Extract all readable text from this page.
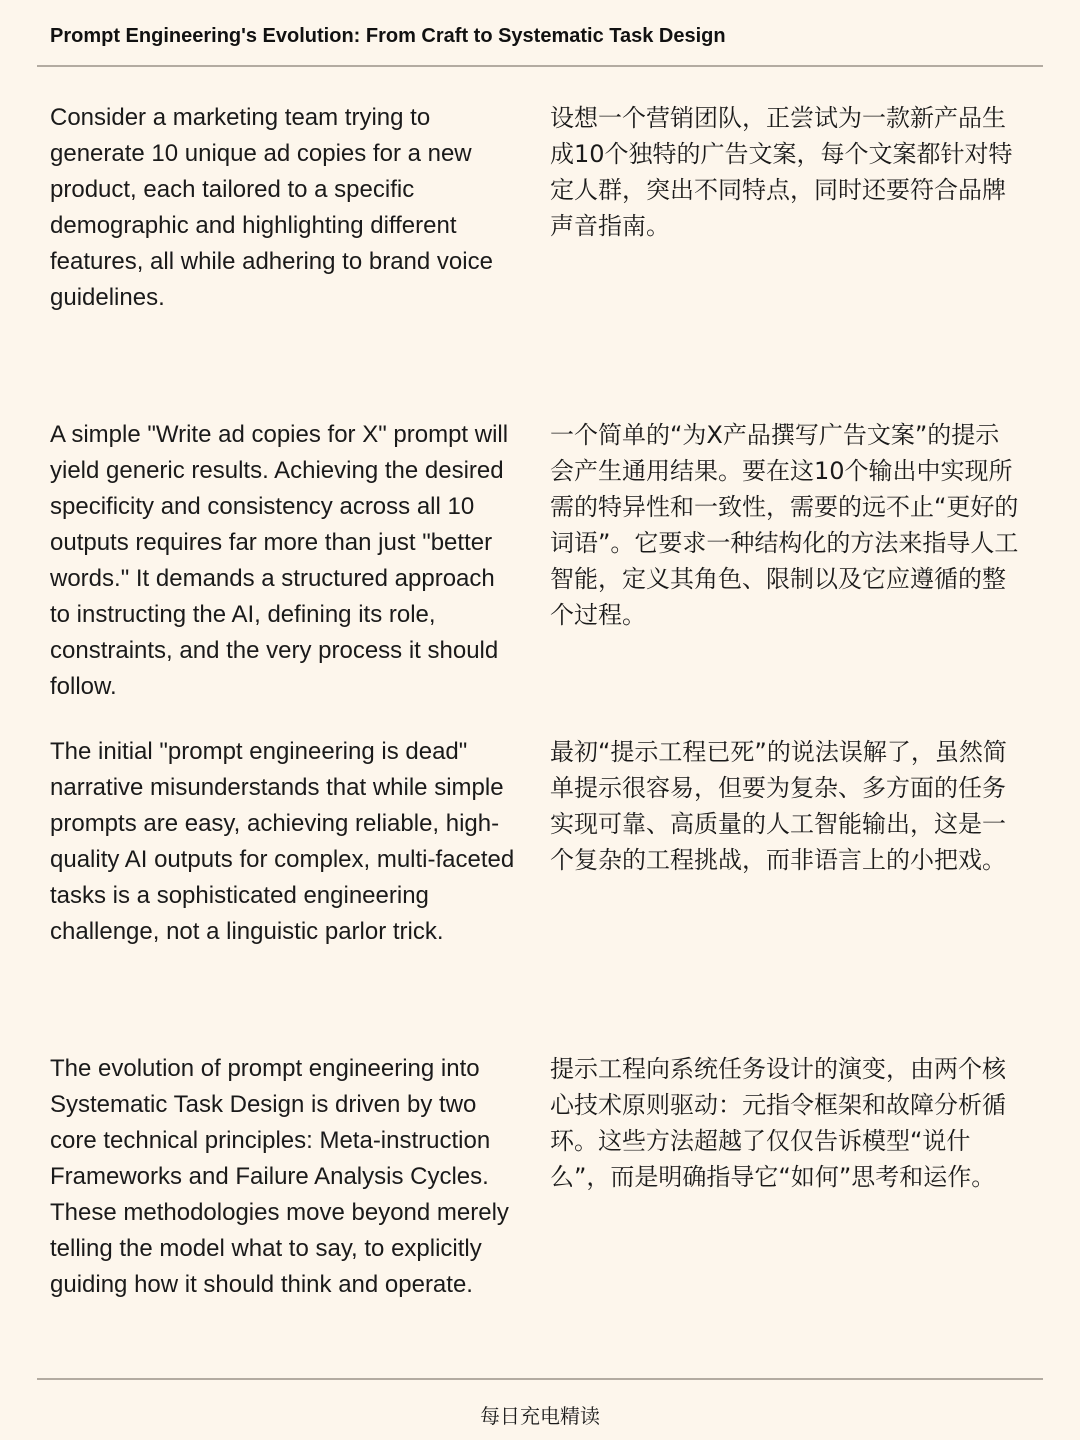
Prompt Engineering's Evolution: From Craft to Systematic Task Design

Consider a marketing team trying to generate 10 unique ad copies for a new product, each tailored to a specific demographic and highlighting different features, all while adhering to brand voice guidelines.

设想一个营销团队，正尝试为一款新产品生成10个独特的广告文案，每个文案都针对特定人群，突出不同特点，同时还要符合品牌声音指南。

A simple "Write ad copies for X" prompt will yield generic results. Achieving the desired specificity and consistency across all 10 outputs requires far more than just "better words." It demands a structured approach to instructing the AI, defining its role, constraints, and the very process it should follow.

一个简单的“为X产品撰写广告文案”的提示会产生通用结果。要在这10个输出中实现所需的特异性和一致性，需要的远不止“更好的词语”。它要求一种结构化的方法来指导人工智能，定义其角色、限制以及它应遵循的整个过程。

The initial "prompt engineering is dead" narrative misunderstands that while simple prompts are easy, achieving reliable, high-quality AI outputs for complex, multi-faceted tasks is a sophisticated engineering challenge, not a linguistic parlor trick.

最初“提示工程已死”的说法误解了，虽然简单提示很容易，但要为复杂、多方面的任务实现可靠、高质量的人工智能输出，这是一个复杂的工程挑战，而非语言上的小把戏。

The evolution of prompt engineering into Systematic Task Design is driven by two core technical principles: Meta-instruction Frameworks and Failure Analysis Cycles. These methodologies move beyond merely telling the model what to say, to explicitly guiding how it should think and operate.

提示工程向系统任务设计的演变，由两个核心技术原则驱动：元指令框架和故障分析循环。这些方法超越了仅仅告诉模型“说什么”，而是明确指导它“如何”思考和运作。

每日充电精读
